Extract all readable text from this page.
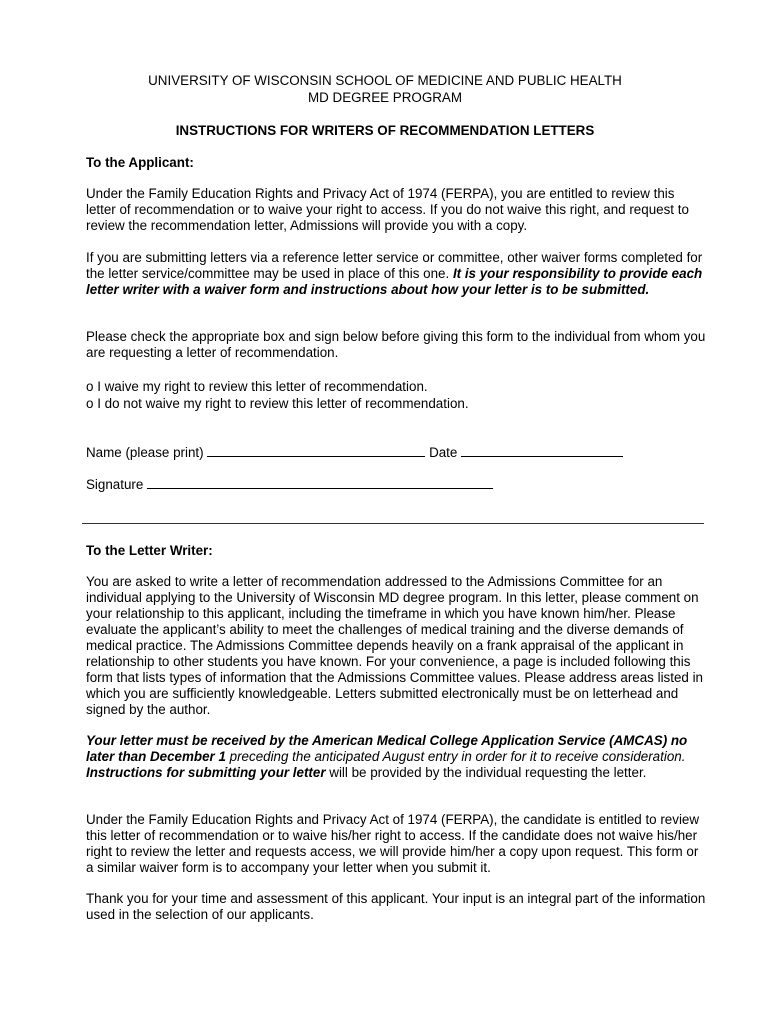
UNIVERSITY OF WISCONSIN SCHOOL OF MEDICINE AND PUBLIC HEALTH
MD DEGREE PROGRAM
INSTRUCTIONS FOR WRITERS OF RECOMMENDATION LETTERS
To the Applicant:
Under the Family Education Rights and Privacy Act of 1974 (FERPA), you are entitled to review this letter of recommendation or to waive your right to access. If you do not waive this right, and request to review the recommendation letter, Admissions will provide you with a copy.
If you are submitting letters via a reference letter service or committee, other waiver forms completed for the letter service/committee may be used in place of this one. It is your responsibility to provide each letter writer with a waiver form and instructions about how your letter is to be submitted.
Please check the appropriate box and sign below before giving this form to the individual from whom you are requesting a letter of recommendation.
o I waive my right to review this letter of recommendation.
o I do not waive my right to review this letter of recommendation.
Name (please print)	Date
Signature
To the Letter Writer:
You are asked to write a letter of recommendation addressed to the Admissions Committee for an individual applying to the University of Wisconsin MD degree program. In this letter, please comment on your relationship to this applicant, including the timeframe in which you have known him/her. Please evaluate the applicant’s ability to meet the challenges of medical training and the diverse demands of medical practice. The Admissions Committee depends heavily on a frank appraisal of the applicant in relationship to other students you have known. For your convenience, a page is included following this form that lists types of information that the Admissions Committee values. Please address areas listed in which you are sufficiently knowledgeable. Letters submitted electronically must be on letterhead and signed by the author.
Your letter must be received by the American Medical College Application Service (AMCAS) no later than December 1 preceding the anticipated August entry in order for it to receive consideration. Instructions for submitting your letter will be provided by the individual requesting the letter.
Under the Family Education Rights and Privacy Act of 1974 (FERPA), the candidate is entitled to review this letter of recommendation or to waive his/her right to access. If the candidate does not waive his/her right to review the letter and requests access, we will provide him/her a copy upon request. This form or a similar waiver form is to accompany your letter when you submit it.
Thank you for your time and assessment of this applicant. Your input is an integral part of the information used in the selection of our applicants.
